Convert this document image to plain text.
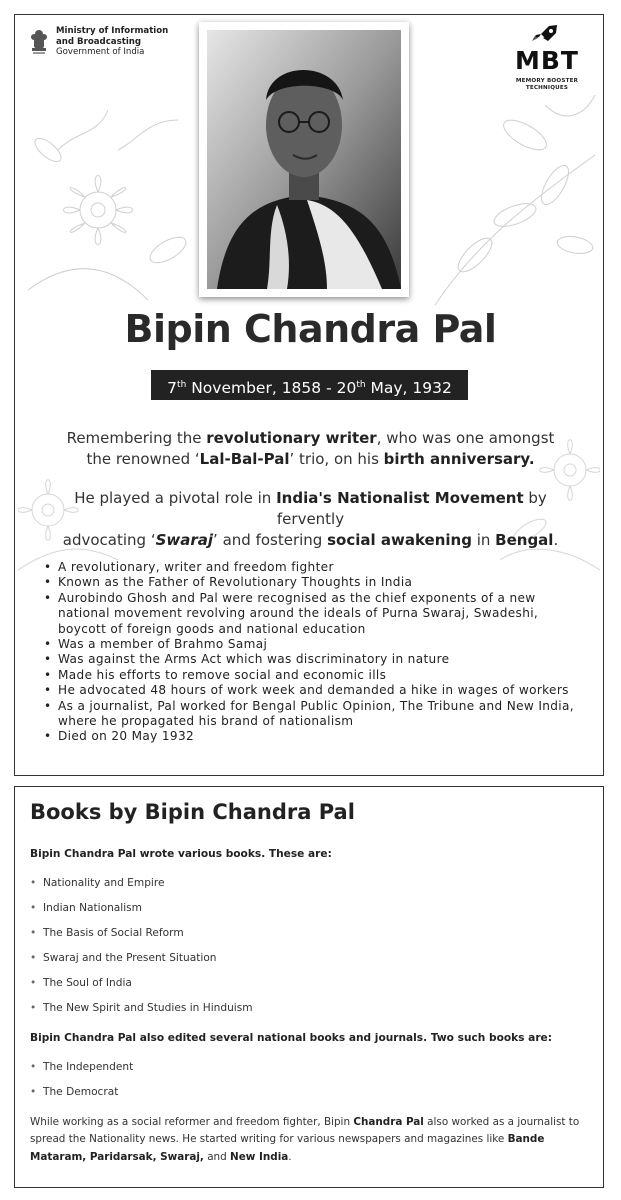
Ministry of Information
and Broadcasting
Government of India	MBT
MEMORY BOOSTER
TECHNIQUES
Bipin Chandra Pal
7th November, 1858 - 20th May, 1932
Remembering the revolutionary writer, who was one amongst
the renowned ‘Lal-Bal-Pal’ trio, on his birth anniversary.
He played a pivotal role in India's Nationalist Movement by fervently
advocating ‘Swaraj’ and fostering social awakening in Bengal.
• A revolutionary, writer and freedom fighter
• Known as the Father of Revolutionary Thoughts in India
• Aurobindo Ghosh and Pal were recognised as the chief exponents of a new national movement revolving around the ideals of Purna Swaraj, Swadeshi, boycott of foreign goods and national education
• Was a member of Brahmo Samaj
• Was against the Arms Act which was discriminatory in nature
• Made his efforts to remove social and economic ills
• He advocated 48 hours of work week and demanded a hike in wages of workers
• As a journalist, Pal worked for Bengal Public Opinion, The Tribune and New India, where he propagated his brand of nationalism
• Died on 20 May 1932
Books by Bipin Chandra Pal
Bipin Chandra Pal wrote various books. These are:
• Nationality and Empire
• Indian Nationalism
• The Basis of Social Reform
• Swaraj and the Present Situation
• The Soul of India
• The New Spirit and Studies in Hinduism
Bipin Chandra Pal also edited several national books and journals. Two such books are:
• The Independent
• The Democrat
While working as a social reformer and freedom fighter, Bipin Chandra Pal also worked as a journalist to spread the Nationality news. He started writing for various newspapers and magazines like Bande Mataram, Paridarsak, Swaraj, and New India.
